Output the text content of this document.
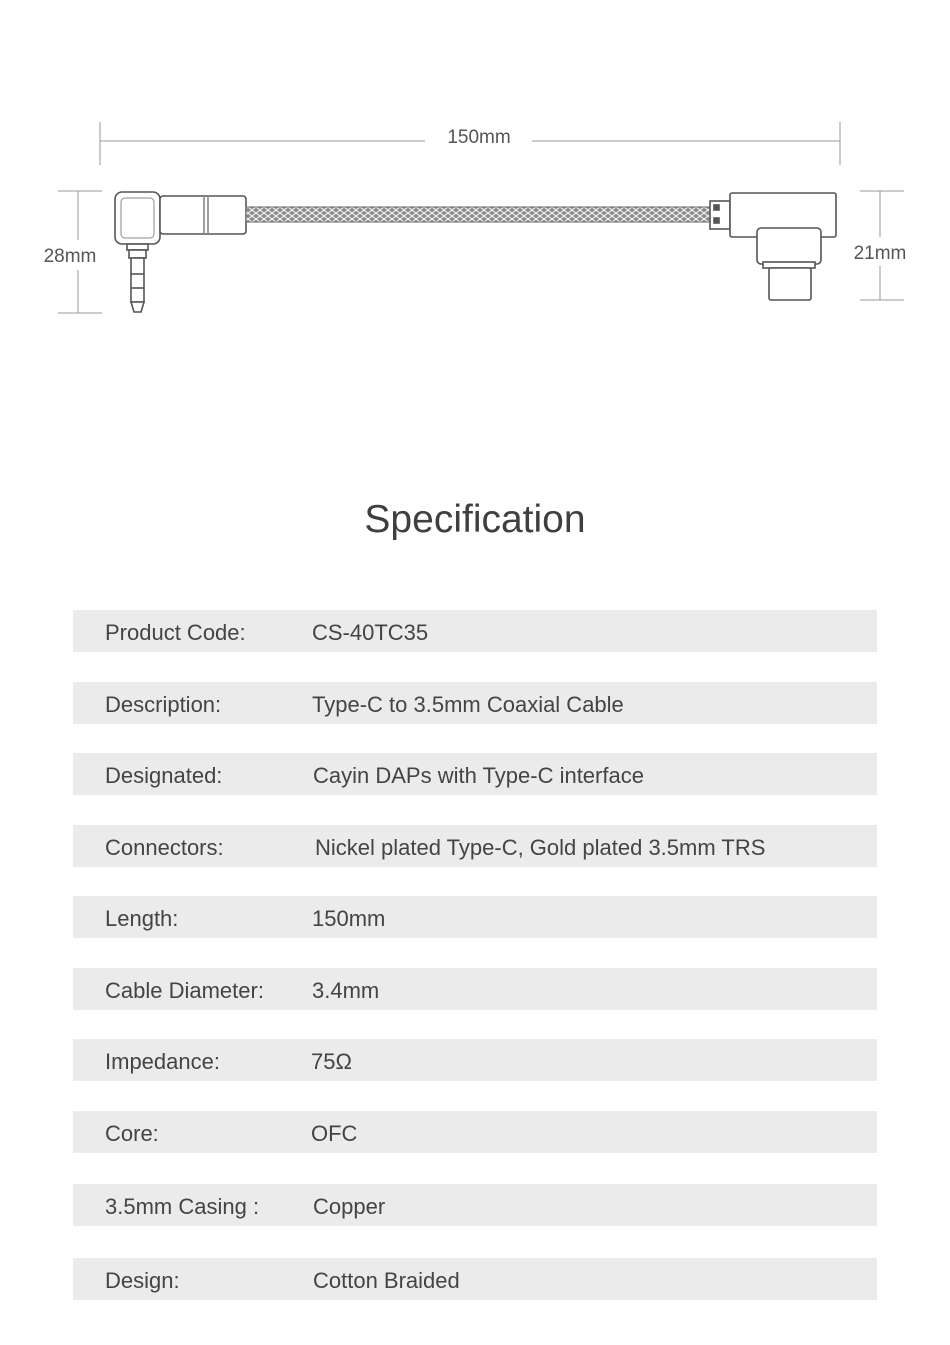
150mm
28mm	21mm
Specification
Product Code:	CS-40TC35
Description:	Type-C to 3.5mm Coaxial Cable
Designated:	Cayin DAPs with Type-C interface
Connectors:	Nickel plated Type-C, Gold plated 3.5mm TRS
Length:	150mm
Cable Diameter: 3.4mm
Impedance:	75Ω
Core:	OFC
3.5mm Casing : Copper
Design:	Cotton Braided
